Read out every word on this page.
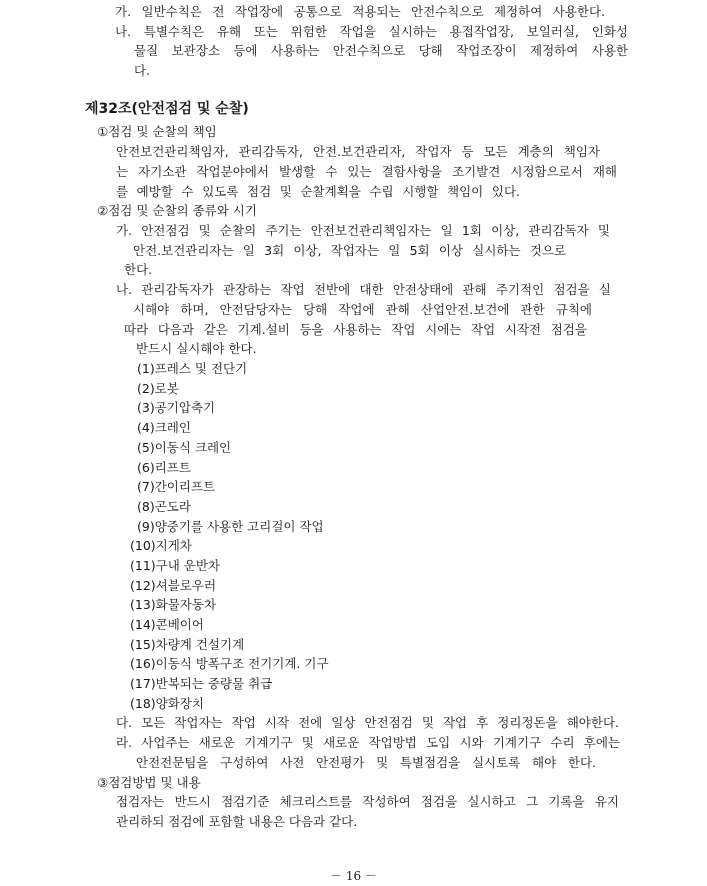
가. 일반수칙은 전 작업장에 공통으로 적용되는 안전수칙으로 제정하여 사용한다.
나. 특별수칙은 유해 또는 위험한 작업을 실시하는 용접작업장, 보일러실, 인화성
물질 보관장소 등에 사용하는 안전수칙으로 당해 작업조장이 제정하여 사용한
다.
제32조(안전점검 및 순찰)
①점검 및 순찰의 책임
안전보건관리책임자, 관리감독자, 안전.보건관리자, 작업자 등 모든 계층의 책임자
는 자기소관 작업분야에서 발생할 수 있는 결함사항을 조기발견 시정함으로서 재해
를 예방할 수 있도록 점검 및 순찰계획을 수립 시행할 책임이 있다.
②점검 및 순찰의 종류와 시기
가. 안전점검 및 순찰의 주기는 안전보건관리책임자는 일 1회 이상, 관리감독자 및
안전.보건관리자는 일 3회 이상, 작업자는 일 5회 이상 실시하는 것으로
한다.
나. 관리감독자가 관장하는 작업 전반에 대한 안전상태에 관해 주기적인 점검을 실
시해야 하며, 안전담당자는 당해 작업에 관해 산업안전.보건에 관한 규칙에
따라 다음과 같은 기계.설비 등을 사용하는 작업 시에는 작업 시작전 점검을
반드시 실시해야 한다.
(1)프레스 및 전단기
(2)로봇
(3)공기압축기
(4)크레인
(5)이동식 크레인
(6)리프트
(7)간이리프트
(8)곤도라
(9)양중기를 사용한 고리걸이 작업
(10)지게차
(11)구내 운반차
(12)셔블로우러
(13)화물자동차
(14)콘베이어
(15)차량계 건설기계
(16)이동식 방폭구조 전기기계. 기구
(17)반복되는 중량물 취급
(18)양화장치
다. 모든 작업자는 작업 시작 전에 일상 안전점검 및 작업 후 정리정돈을 해야한다.
라. 사업주는 새로운 기계기구 및 새로운 작업방법 도입 시와 기계기구 수리 후에는
안전전문팀을 구성하여 사전 안전평가 및 특별점검을 실시토록 해야 한다.
③점검방법 및 내용
점검자는 반드시 점검기준 체크리스트를 작성하여 점검을 실시하고 그 기록을 유지
관리하되 점검에 포함할 내용은 다음과 같다.
－ 16 －
